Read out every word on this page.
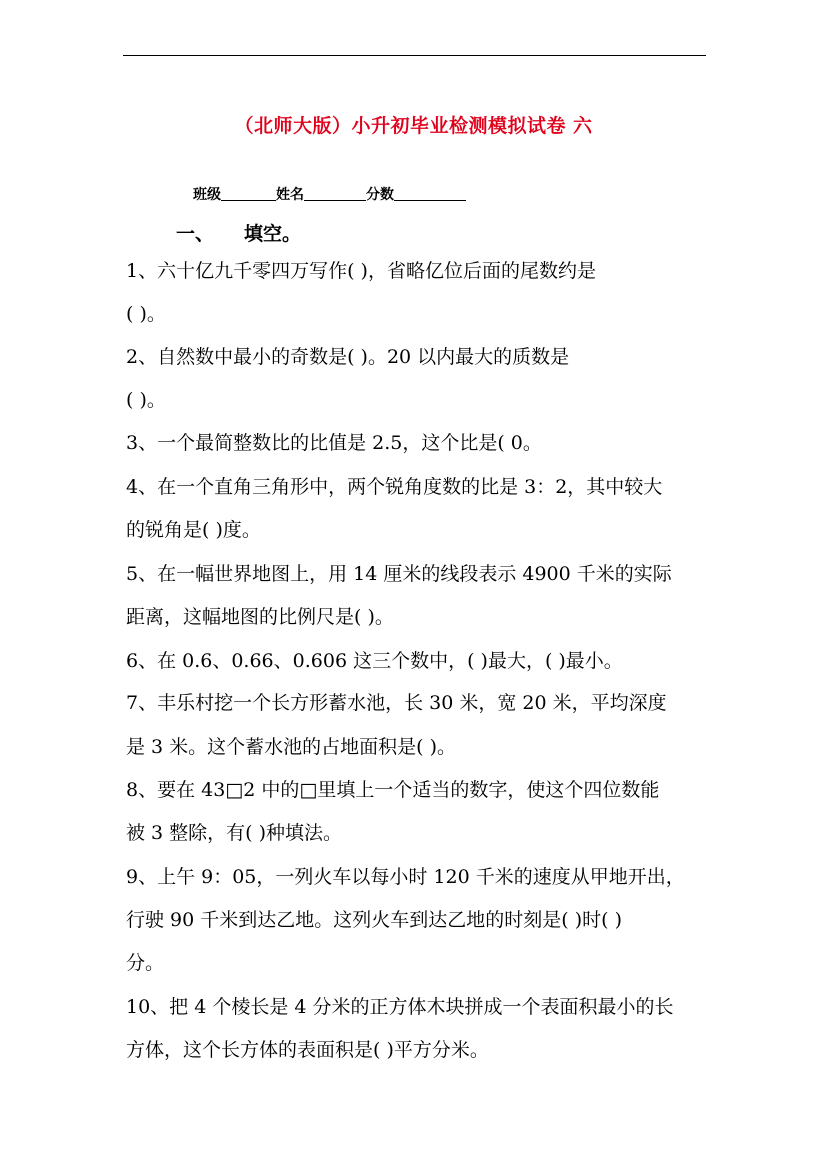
（北师大版）小升初毕业检测模拟试卷 六
班级	姓名	分数
一、 填空。
1、六十亿九千零四万写作( )，省略亿位后面的尾数约是
( )。
2、自然数中最小的奇数是( )。20 以内最大的质数是
( )。
3、一个最简整数比的比值是 2.5，这个比是( 0。
4、在一个直角三角形中，两个锐角度数的比是 3：2，其中较大
的锐角是( )度。
5、在一幅世界地图上，用 14 厘米的线段表示 4900 千米的实际
距离，这幅地图的比例尺是( )。
6、在 0.6、0.66、0.606 这三个数中，( )最大，( )最小。
7、丰乐村挖一个长方形蓄水池，长 30 米，宽 20 米，平均深度
是 3 米。这个蓄水池的占地面积是( )。
8、要在 43□2 中的□里填上一个适当的数字，使这个四位数能
被 3 整除，有( )种填法。
9、上午 9：05，一列火车以每小时 120 千米的速度从甲地开出，
行驶 90 千米到达乙地。这列火车到达乙地的时刻是( )时( )
分。
10、把 4 个棱长是 4 分米的正方体木块拼成一个表面积最小的长
方体，这个长方体的表面积是( )平方分米。
